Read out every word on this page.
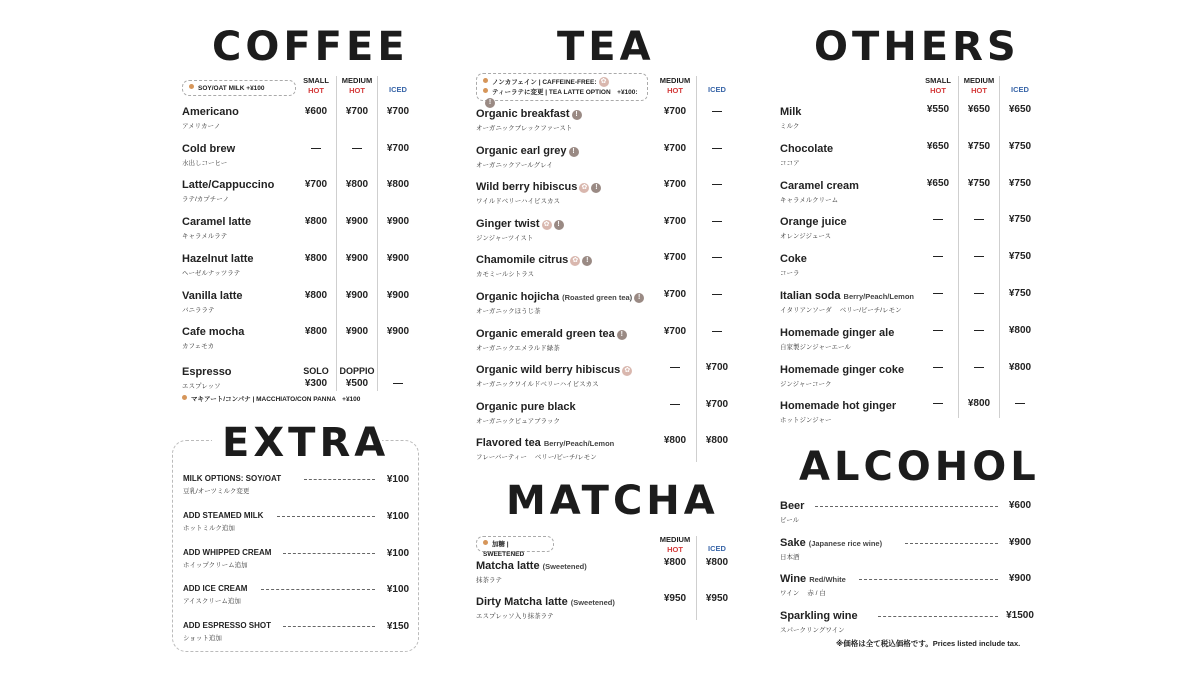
COFFEE
SOY/OAT MILK +¥100
SMALL
HOT
MEDIUM
HOT	ICED
Americano
アメリカーノ
¥600	¥700	¥700
Cold brew
水出しコーヒー
—	—	¥700
Latte/Cappuccino
ラテ/カプチーノ
¥700	¥800	¥800
Caramel latte
キャラメルラテ
¥800	¥900	¥900
Hazelnut latte
ヘーゼルナッツラテ
¥800	¥900	¥900
Vanilla latte
バニララテ
¥800	¥900	¥900
Cafe mocha
カフェモカ
¥800	¥900	¥900
Espresso
エスプレッソ
SOLO	DOPPIO
¥300	¥500	—
マキアート/コンパナ | MACCHIATO/CON PANNA　+¥100
EXTRA
MILK OPTIONS: SOY/OAT
豆乳/オーツミルク変更
¥100
ADD STEAMED MILK
ホットミルク追加
¥100
ADD WHIPPED CREAM
ホイップクリーム追加
¥100
ADD ICE CREAM
アイスクリーム追加
¥100
ADD ESPRESSO SHOT
ショット追加
¥150
TEA
ノンカフェイン | CAFFEINE-FREE: ✿
ティーラテに変更 | TEA LATTE OPTION　+¥100:!
MEDIUM
HOT	ICED
Organic breakfast !
オーガニックブレックファースト
¥700	—
Organic earl grey !
オーガニックアールグレイ
¥700	—
Wild berry hibiscus ✿ !
ワイルドベリーハイビスカス
¥700	—
Ginger twist ✿ !
ジンジャーツイスト
¥700	—
Chamomile citrus ✿ !
カモミールシトラス
¥700	—
Organic hojicha (Roasted green tea) !
オーガニックほうじ茶
¥700	—
Organic emerald green tea !
オーガニックエメラルド緑茶
¥700	—
Organic wild berry hibiscus ✿
オーガニックワイルドベリーハイビスカス
—	¥700
Organic pure black
オーガニックピュアブラック
—	¥700
Flavored tea Berry/Peach/Lemon
フレーバーティー ベリー/ピーチ/レモン
¥800	¥800
MATCHA
加糖 | SWEETENED
MEDIUM
HOT	ICED
Matcha latte (Sweetened)
抹茶ラテ
¥800	¥800
Dirty Matcha latte (Sweetened)
エスプレッソ入り抹茶ラテ
¥950	¥950
OTHERS
SMALL
HOT
MEDIUM
HOT	ICED
Milk
ミルク
¥550	¥650	¥650
Chocolate
ココア
¥650	¥750	¥750
Caramel cream
キャラメルクリーム
¥650	¥750	¥750
Orange juice
オレンジジュース
—	—	¥750
Coke
コーラ
—	—	¥750
Italian soda Berry/Peach/Lemon
イタリアンソーダ ベリー/ピーチ/レモン
—	—	¥750
Homemade ginger ale
自家製ジンジャーエール
—	—	¥800
Homemade ginger coke
ジンジャーコーク
—	—	¥800
Homemade hot ginger
ホットジンジャー
—	¥800	—
ALCOHOL
Beer
ビール
¥600
Sake (Japanese rice wine)
日本酒
¥900
Wine Red/White
ワイン 赤 / 白
¥900
Sparkling wine
スパークリングワイン
¥1500
※価格は全て税込価格です。Prices listed include tax.
